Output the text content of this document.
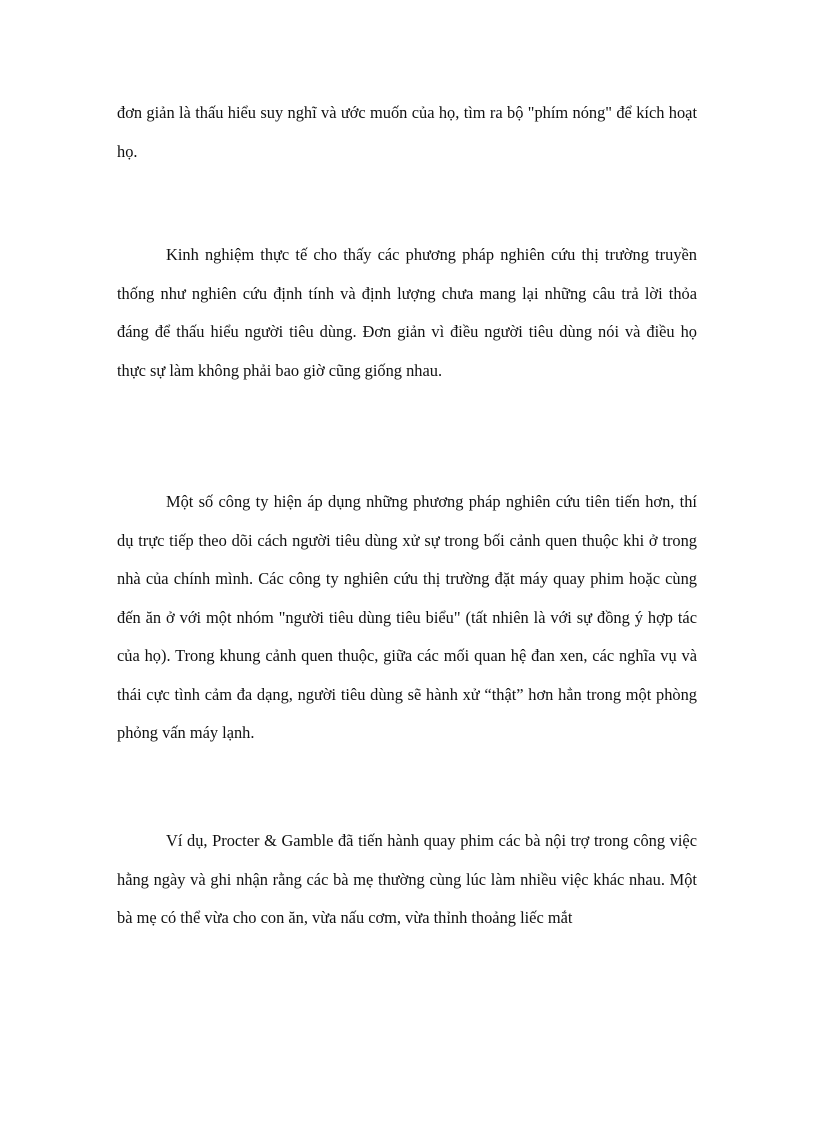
đơn giản là thấu hiểu suy nghĩ và ước muốn của họ, tìm ra bộ "phím nóng" để kích hoạt họ.

Kinh nghiệm thực tế cho thấy các phương pháp nghiên cứu thị trường truyền thống như nghiên cứu định tính và định lượng chưa mang lại những câu trả lời thỏa đáng để thấu hiểu người tiêu dùng. Đơn giản vì điều người tiêu dùng nói và điều họ thực sự làm không phải bao giờ cũng giống nhau.

Một số công ty hiện áp dụng những phương pháp nghiên cứu tiên tiến hơn, thí dụ trực tiếp theo dõi cách người tiêu dùng xử sự trong bối cảnh quen thuộc khi ở trong nhà của chính mình. Các công ty nghiên cứu thị trường đặt máy quay phim hoặc cùng đến ăn ở với một nhóm "người tiêu dùng tiêu biểu" (tất nhiên là với sự đồng ý hợp tác của họ). Trong khung cảnh quen thuộc, giữa các mối quan hệ đan xen, các nghĩa vụ và thái cực tình cảm đa dạng, người tiêu dùng sẽ hành xử “thật” hơn hẳn trong một phòng phỏng vấn máy lạnh.

Ví dụ, Procter & Gamble đã tiến hành quay phim các bà nội trợ trong công việc hằng ngày và ghi nhận rằng các bà mẹ thường cùng lúc làm nhiều việc khác nhau. Một bà mẹ có thể vừa cho con ăn, vừa nấu cơm, vừa thỉnh thoảng liếc mắt
